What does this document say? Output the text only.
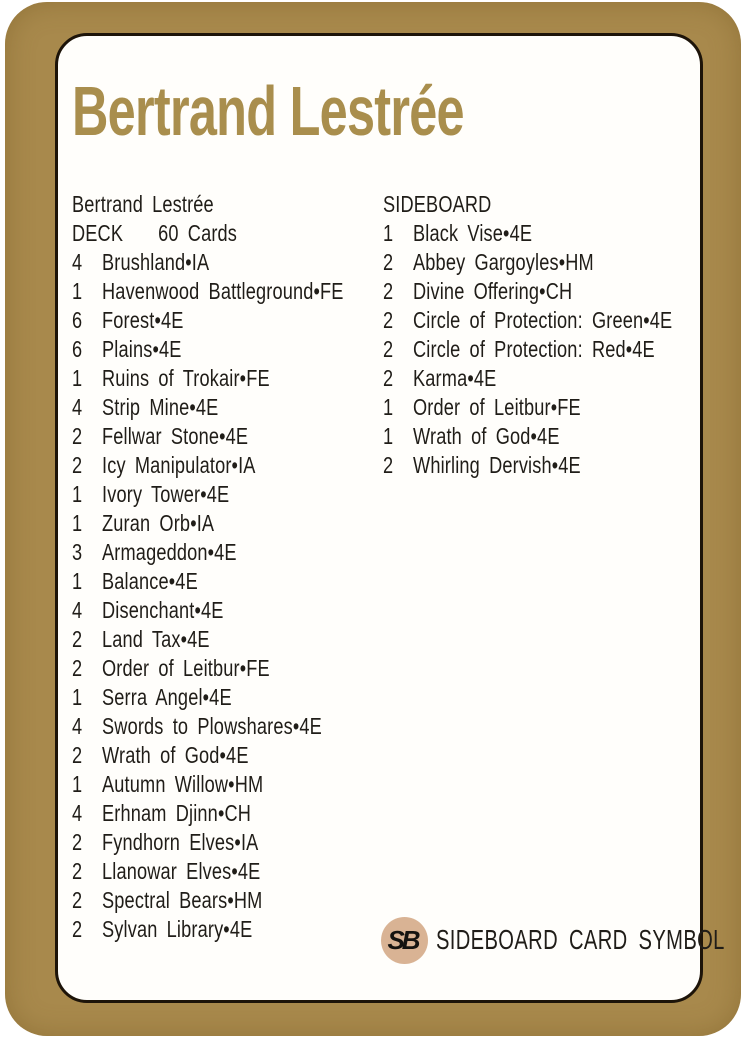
Bertrand Lestrée
Bertrand Lestrée
DECK 60 Cards
4 Brushland•IA
1 Havenwood Battleground•FE
6 Forest•4E
6 Plains•4E
1 Ruins of Trokair•FE
4 Strip Mine•4E
2 Fellwar Stone•4E
2 Icy Manipulator•IA
1 Ivory Tower•4E
1 Zuran Orb•IA
3 Armageddon•4E
1 Balance•4E
4 Disenchant•4E
2 Land Tax•4E
2 Order of Leitbur•FE
1 Serra Angel•4E
4 Swords to Plowshares•4E
2 Wrath of God•4E
1 Autumn Willow•HM
4 Erhnam Djinn•CH
2 Fyndhorn Elves•IA
2 Llanowar Elves•4E
2 Spectral Bears•HM
2 Sylvan Library•4E
SIDEBOARD
1 Black Vise•4E
2 Abbey Gargoyles•HM
2 Divine Offering•CH
2 Circle of Protection: Green•4E
2 Circle of Protection: Red•4E
2 Karma•4E
1 Order of Leitbur•FE
1 Wrath of God•4E
2 Whirling Dervish•4E
SB SIDEBOARD CARD SYMBOL
